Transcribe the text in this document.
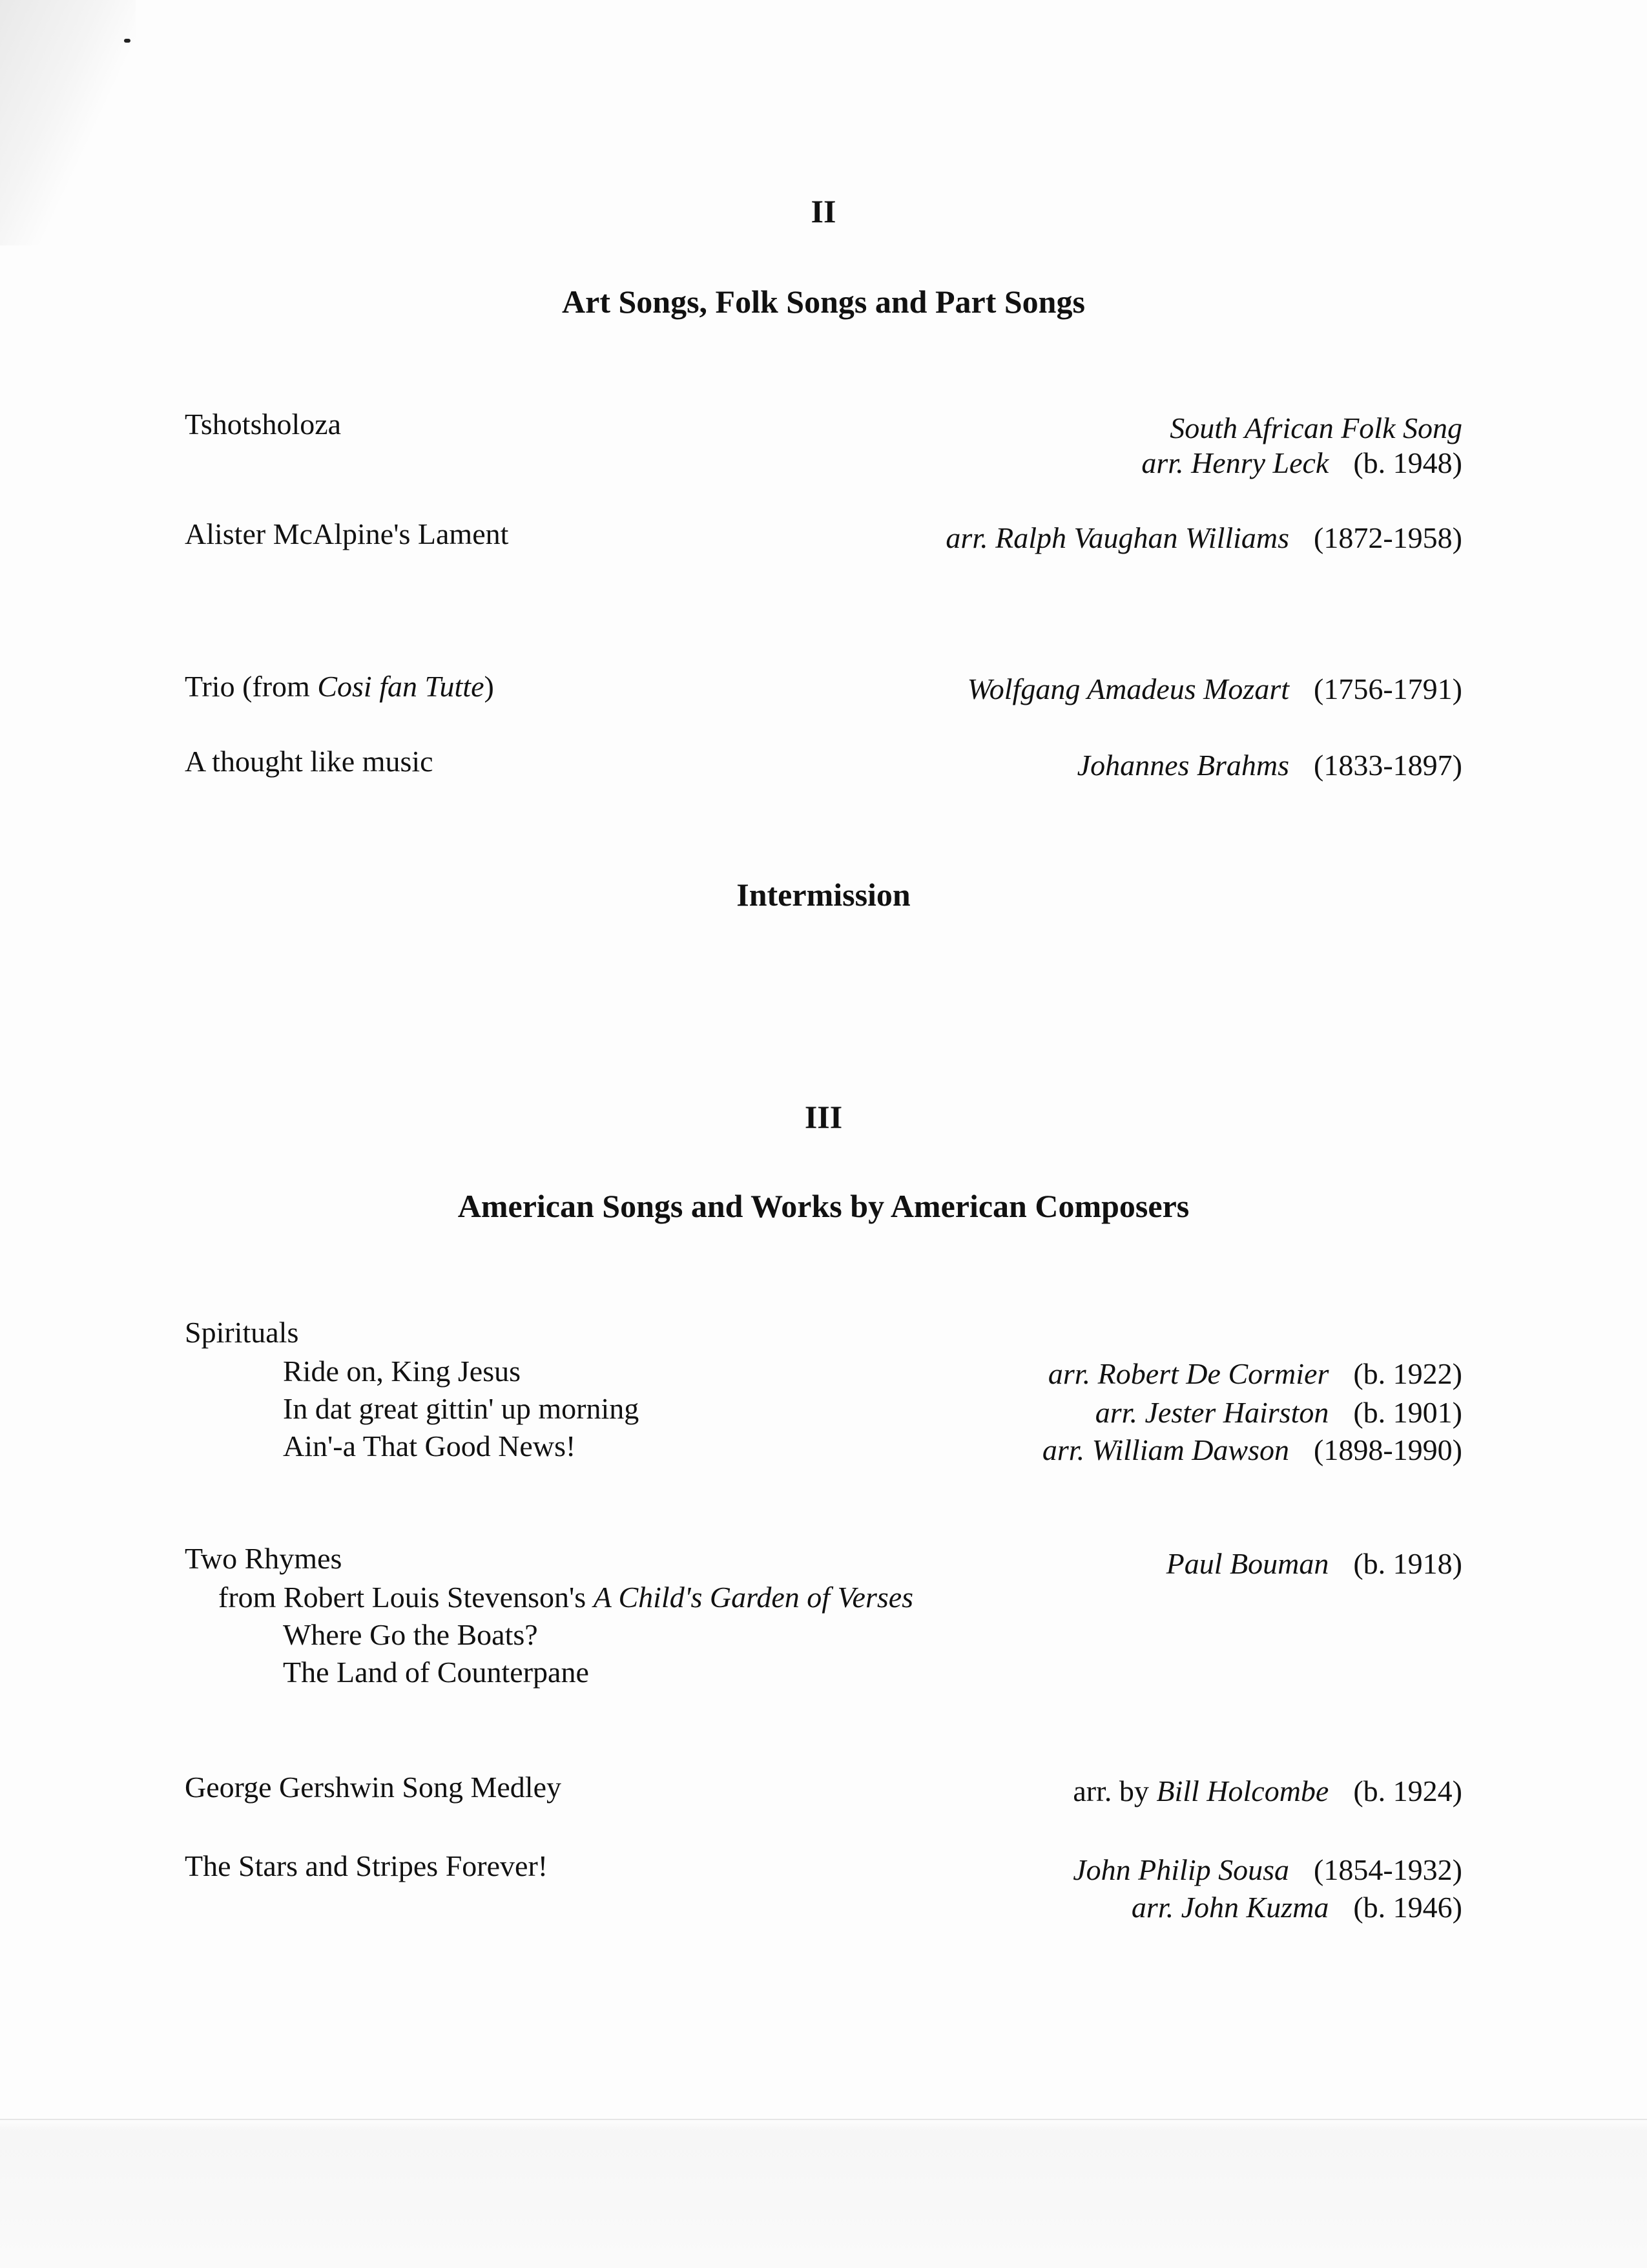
II
Art Songs, Folk Songs and Part Songs
Tshotsholoza	South African Folk Song
arr. Henry Leck (b. 1948)
Alister McAlpine's Lament	arr. Ralph Vaughan Williams (1872-1958)
Trio (from Cosi fan Tutte)	Wolfgang Amadeus Mozart (1756-1791)
A thought like music	Johannes Brahms (1833-1897)
Intermission
III
American Songs and Works by American Composers
Spirituals
Ride on, King Jesus	arr. Robert De Cormier (b. 1922)
In dat great gittin' up morning	arr. Jester Hairston (b. 1901)
Ain'-a That Good News!	arr. William Dawson (1898-1990)
Two Rhymes	Paul Bouman (b. 1918)
from Robert Louis Stevenson's A Child's Garden of Verses
Where Go the Boats?
The Land of Counterpane
George Gershwin Song Medley	arr. by Bill Holcombe (b. 1924)
The Stars and Stripes Forever!	John Philip Sousa (1854-1932)
arr. John Kuzma (b. 1946)
